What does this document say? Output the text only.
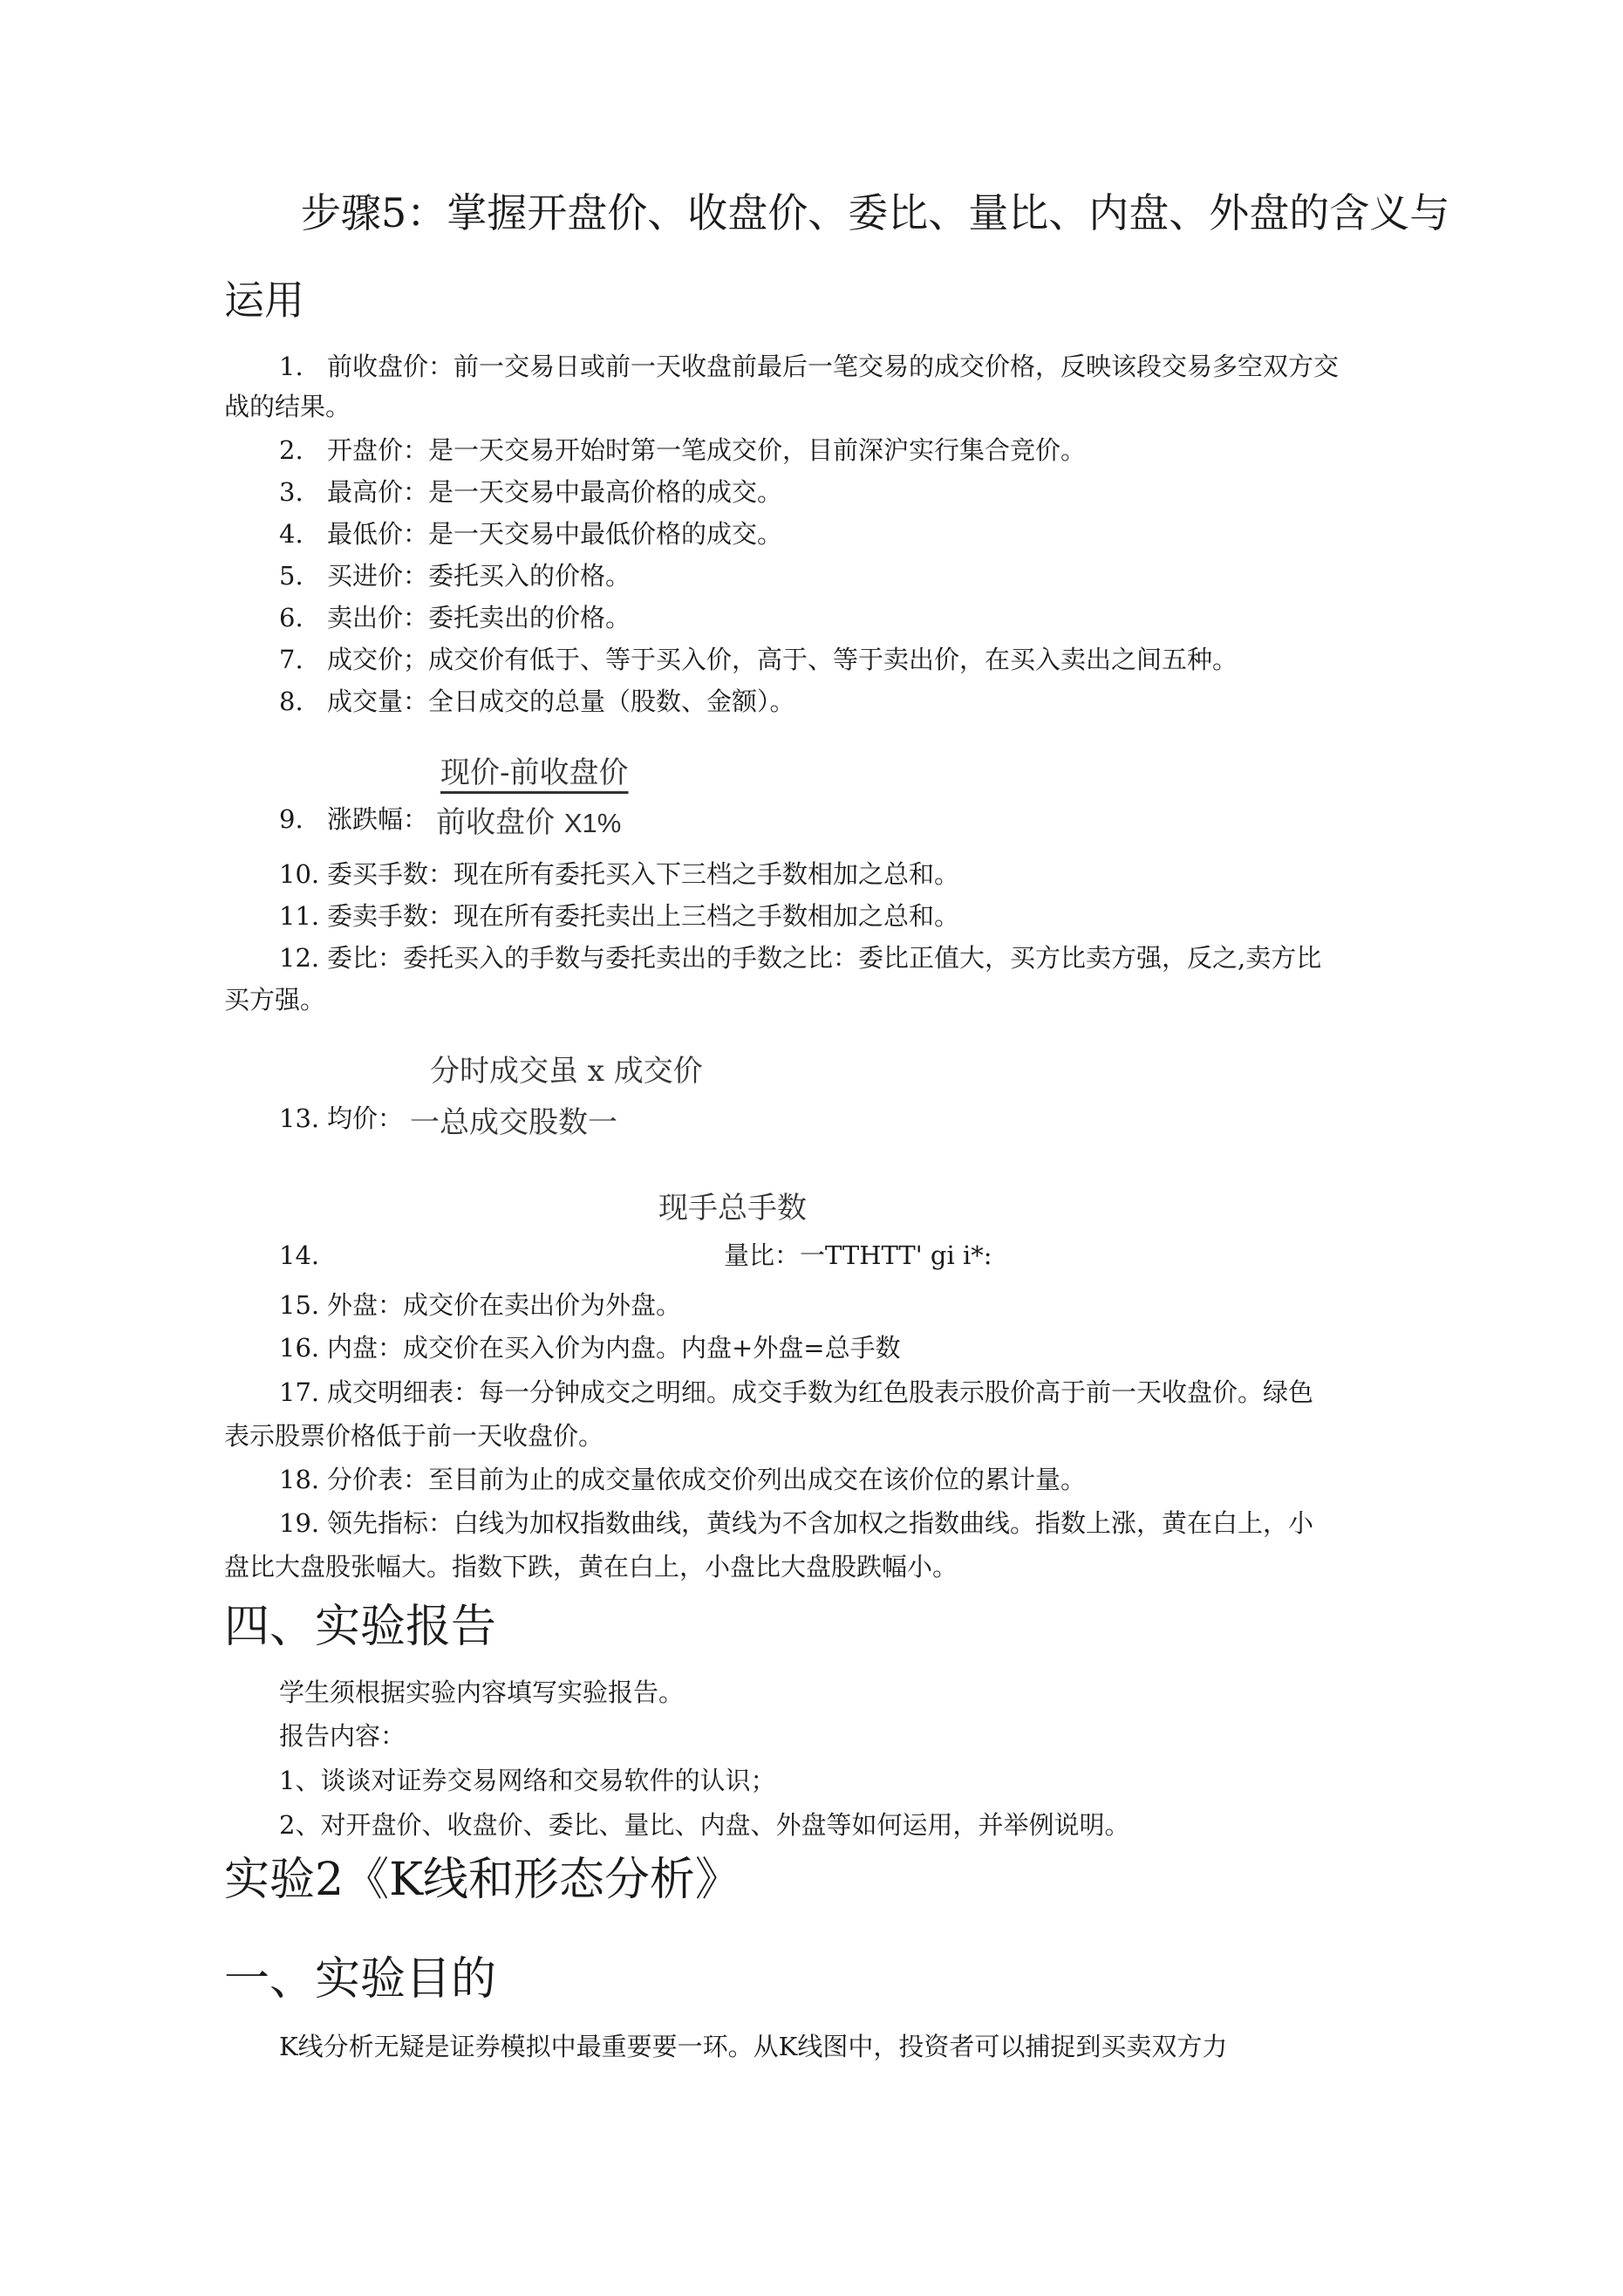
步骤5：掌握开盘价、收盘价、委比、量比、内盘、外盘的含义与
运用
1. 前收盘价：前一交易日或前一天收盘前最后一笔交易的成交价格，反映该段交易多空双方交
战的结果。
2. 开盘价：是一天交易开始时第一笔成交价，目前深沪实行集合竞价。
3. 最高价：是一天交易中最高价格的成交。
4. 最低价：是一天交易中最低价格的成交。
5. 买进价：委托买入的价格。
6. 卖出价：委托卖出的价格。
7. 成交价；成交价有低于、等于买入价，高于、等于卖出价，在买入卖出之间五种。
8. 成交量：全日成交的总量（股数、金额）。
现价-前收盘价
9. 涨跌幅： 前收盘价 X1%
10. 委买手数：现在所有委托买入下三档之手数相加之总和。
11. 委卖手数：现在所有委托卖出上三档之手数相加之总和。
12. 委比：委托买入的手数与委托卖出的手数之比：委比正值大，买方比卖方强，反之,卖方比
买方强。
分时成交虽 x 成交价
13. 均价： 一总成交股数一
现手总手数
14.	量比：一TTHTT' gi i*:
15. 外盘：成交价在卖出价为外盘。
16. 内盘：成交价在买入价为内盘。内盘+外盘=总手数
17. 成交明细表：每一分钟成交之明细。成交手数为红色股表示股价高于前一天收盘价。绿色
表示股票价格低于前一天收盘价。
18. 分价表：至目前为止的成交量依成交价列出成交在该价位的累计量。
19. 领先指标：白线为加权指数曲线，黄线为不含加权之指数曲线。指数上涨，黄在白上，小
盘比大盘股张幅大。指数下跌，黄在白上，小盘比大盘股跌幅小。
四、实验报告
学生须根据实验内容填写实验报告。
报告内容：
1、谈谈对证券交易网络和交易软件的认识；
2、对开盘价、收盘价、委比、量比、内盘、外盘等如何运用，并举例说明。
实验2《K线和形态分析》
一、实验目的
K线分析无疑是证券模拟中最重要要一环。从K线图中，投资者可以捕捉到买卖双方力
